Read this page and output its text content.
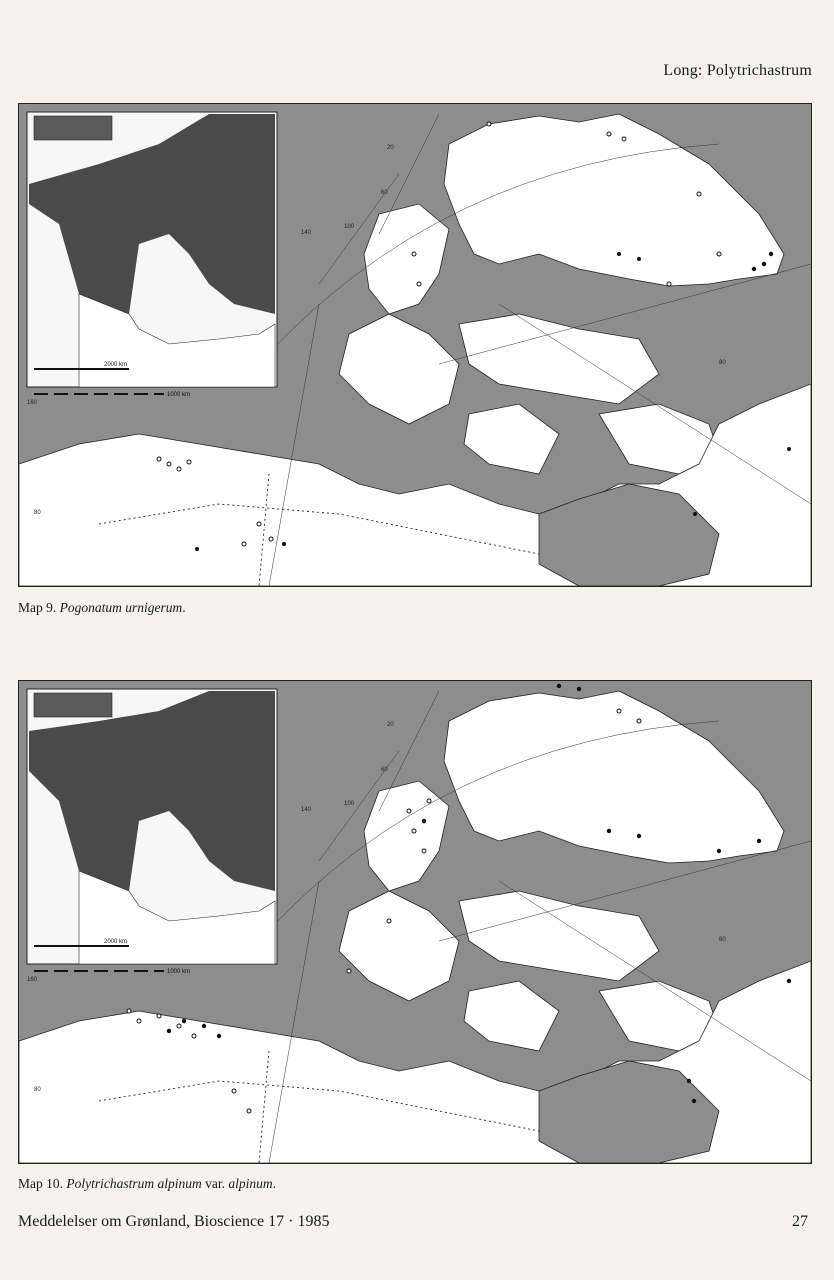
Long: Polytrichastrum
2000 km
1000 km
20
60
100
140
160
80
80
Map 9. Pogonatum urnigerum.
2000 km
1000 km
20
60
100
140
160
80
80
Map 10. Polytrichastrum alpinum var. alpinum.
Meddelelser om Grønland, Bioscience 17 · 1985	27
